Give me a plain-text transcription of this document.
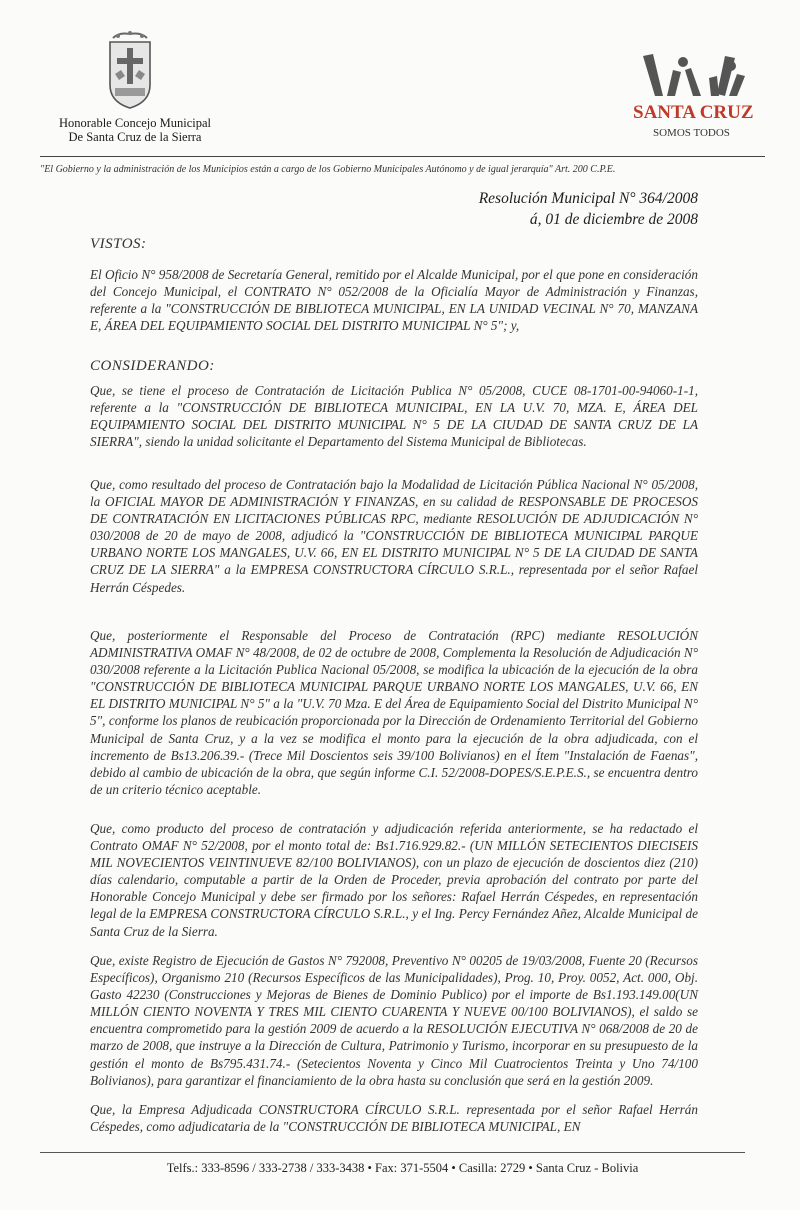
Honorable Concejo Municipal
De Santa Cruz de la Sierra
SANTA CRUZ
SOMOS TODOS
"El Gobierno y la administración de los Municipios están a cargo de los Gobierno Municipales Autónomo y de igual jerarquía" Art. 200 C.P.E.
Resolución Municipal N° 364/2008
á, 01 de diciembre de 2008
VISTOS:

El Oficio N° 958/2008 de Secretaría General, remitido por el Alcalde Municipal, por el que pone en consideración del Concejo Municipal, el CONTRATO N° 052/2008 de la Oficialía Mayor de Administración y Finanzas, referente a la "CONSTRUCCIÓN DE BIBLIOTECA MUNICIPAL, EN LA UNIDAD VECINAL N° 70, MANZANA E, ÁREA DEL EQUIPAMIENTO SOCIAL DEL DISTRITO MUNICIPAL N° 5"; y,

CONSIDERANDO:

Que, se tiene el proceso de Contratación de Licitación Publica N° 05/2008, CUCE 08-1701-00-94060-1-1, referente a la "CONSTRUCCIÓN DE BIBLIOTECA MUNICIPAL, EN LA U.V. 70, MZA. E, ÁREA DEL EQUIPAMIENTO SOCIAL DEL DISTRITO MUNICIPAL N° 5 DE LA CIUDAD DE SANTA CRUZ DE LA SIERRA", siendo la unidad solicitante el Departamento del Sistema Municipal de Bibliotecas.

Que, como resultado del proceso de Contratación bajo la Modalidad de Licitación Pública Nacional N° 05/2008, la OFICIAL MAYOR DE ADMINISTRACIÓN Y FINANZAS, en su calidad de RESPONSABLE DE PROCESOS DE CONTRATACIÓN EN LICITACIONES PÚBLICAS RPC, mediante RESOLUCIÓN DE ADJUDICACIÓN N° 030/2008 de 20 de mayo de 2008, adjudicó la "CONSTRUCCIÓN DE BIBLIOTECA MUNICIPAL PARQUE URBANO NORTE LOS MANGALES, U.V. 66, EN EL DISTRITO MUNICIPAL N° 5 DE LA CIUDAD DE SANTA CRUZ DE LA SIERRA" a la EMPRESA CONSTRUCTORA CÍRCULO S.R.L., representada por el señor Rafael Herrán Céspedes.

Que, posteriormente el Responsable del Proceso de Contratación (RPC) mediante RESOLUCIÓN ADMINISTRATIVA OMAF N° 48/2008, de 02 de octubre de 2008, Complementa la Resolución de Adjudicación N° 030/2008 referente a la Licitación Publica Nacional 05/2008, se modifica la ubicación de la ejecución de la obra "CONSTRUCCIÓN DE BIBLIOTECA MUNICIPAL PARQUE URBANO NORTE LOS MANGALES, U.V. 66, EN EL DISTRITO MUNICIPAL N° 5" a la "U.V. 70 Mza. E del Área de Equipamiento Social del Distrito Municipal N° 5", conforme los planos de reubicación proporcionada por la Dirección de Ordenamiento Territorial del Gobierno Municipal de Santa Cruz, y a la vez se modifica el monto para la ejecución de la obra adjudicada, con el incremento de Bs13.206.39.- (Trece Mil Doscientos seis 39/100 Bolivianos) en el Ítem "Instalación de Faenas", debido al cambio de ubicación de la obra, que según informe C.I. 52/2008-DOPES/S.E.P.E.S., se encuentra dentro de un criterio técnico aceptable.

Que, como producto del proceso de contratación y adjudicación referida anteriormente, se ha redactado el Contrato OMAF N° 52/2008, por el monto total de: Bs1.716.929.82.- (UN MILLÓN SETECIENTOS DIECISEIS MIL NOVECIENTOS VEINTINUEVE 82/100 BOLIVIANOS), con un plazo de ejecución de doscientos diez (210) días calendario, computable a partir de la Orden de Proceder, previa aprobación del contrato por parte del Honorable Concejo Municipal y debe ser firmado por los señores: Rafael Herrán Céspedes, en representación legal de la EMPRESA CONSTRUCTORA CÍRCULO S.R.L., y el Ing. Percy Fernández Añez, Alcalde Municipal de Santa Cruz de la Sierra.

Que, existe Registro de Ejecución de Gastos N° 792008, Preventivo N° 00205 de 19/03/2008, Fuente 20 (Recursos Específicos), Organismo 210 (Recursos Específicos de las Municipalidades), Prog. 10, Proy. 0052, Act. 000, Obj. Gasto 42230 (Construcciones y Mejoras de Bienes de Dominio Publico) por el importe de Bs1.193.149.00(UN MILLÓN CIENTO NOVENTA Y TRES MIL CIENTO CUARENTA Y NUEVE 00/100 BOLIVIANOS), el saldo se encuentra comprometido para la gestión 2009 de acuerdo a la RESOLUCIÓN EJECUTIVA N° 068/2008 de 20 de marzo de 2008, que instruye a la Dirección de Cultura, Patrimonio y Turismo, incorporar en su presupuesto de la gestión el monto de Bs795.431.74.- (Setecientos Noventa y Cinco Mil Cuatrocientos Treinta y Uno 74/100 Bolivianos), para garantizar el financiamiento de la obra hasta su conclusión que será en la gestión 2009.

Que, la Empresa Adjudicada CONSTRUCTORA CÍRCULO S.R.L. representada por el señor Rafael Herrán Céspedes, como adjudicataria de la "CONSTRUCCIÓN DE BIBLIOTECA MUNICIPAL, EN

Telfs.: 333-8596 / 333-2738 / 333-3438 • Fax: 371-5504 • Casilla: 2729 • Santa Cruz - Bolivia
